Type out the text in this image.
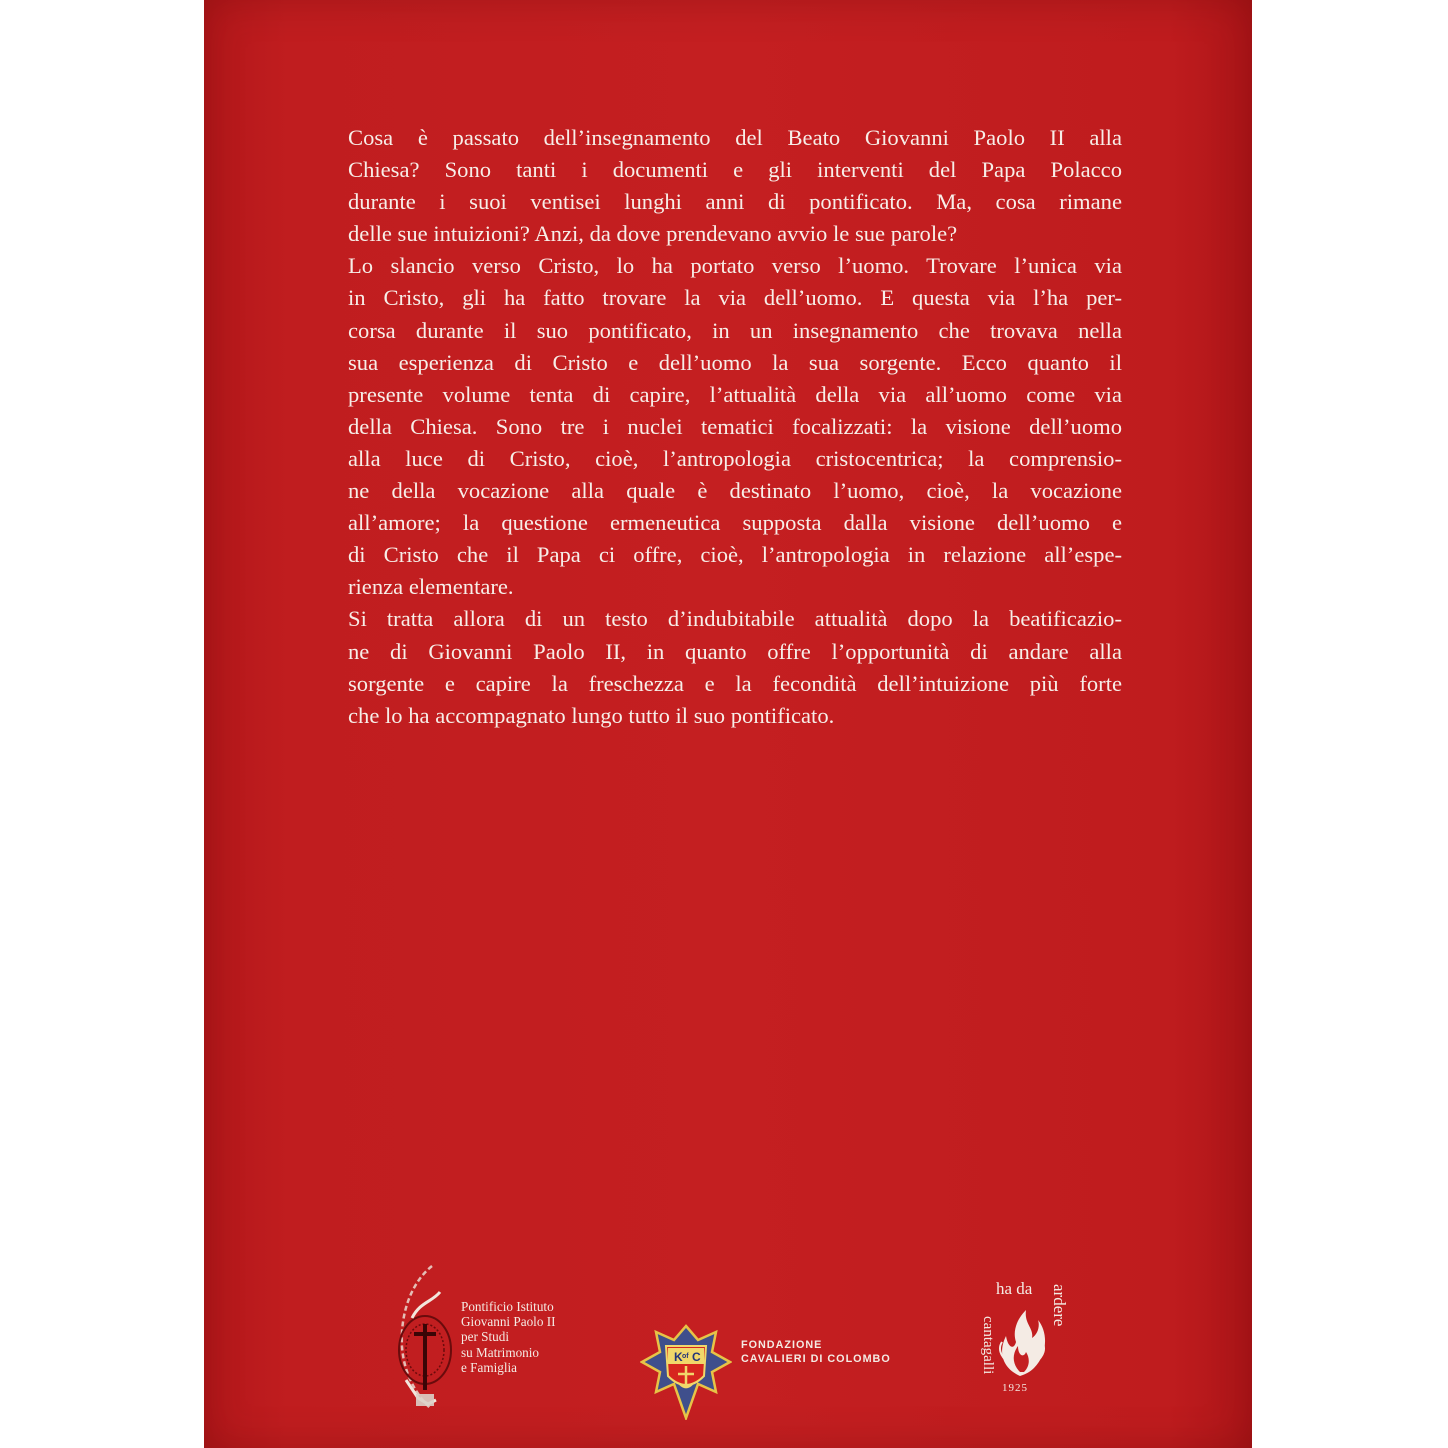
Cosa è passato dell’insegnamento del Beato Giovanni Paolo II alla
Chiesa? Sono tanti i documenti e gli interventi del Papa Polacco
durante i suoi ventisei lunghi anni di pontificato. Ma, cosa rimane
delle sue intuizioni? Anzi, da dove prendevano avvio le sue parole?
Lo slancio verso Cristo, lo ha portato verso l’uomo. Trovare l’unica via
in Cristo, gli ha fatto trovare la via dell’uomo. E questa via l’ha per-
corsa durante il suo pontificato, in un insegnamento che trovava nella
sua esperienza di Cristo e dell’uomo la sua sorgente. Ecco quanto il
presente volume tenta di capire, l’attualità della via all’uomo come via
della Chiesa. Sono tre i nuclei tematici focalizzati: la visione dell’uomo
alla luce di Cristo, cioè, l’antropologia cristocentrica; la comprensio-
ne della vocazione alla quale è destinato l’uomo, cioè, la vocazione
all’amore; la questione ermeneutica supposta dalla visione dell’uomo e
di Cristo che il Papa ci offre, cioè, l’antropologia in relazione all’espe-
rienza elementare.
Si tratta allora di un testo d’indubitabile attualità dopo la beatificazio-
ne di Giovanni Paolo II, in quanto offre l’opportunità di andare alla
sorgente e capire la freschezza e la fecondità dell’intuizione più forte
che lo ha accompagnato lungo tutto il suo pontificato.
Pontificio Istituto
Giovanni Paolo II
per Studi
su Matrimonio
e Famiglia
K of C
FONDAZIONE
CAVALIERI DI COLOMBO	cantagalli
ha da ardere
1925
